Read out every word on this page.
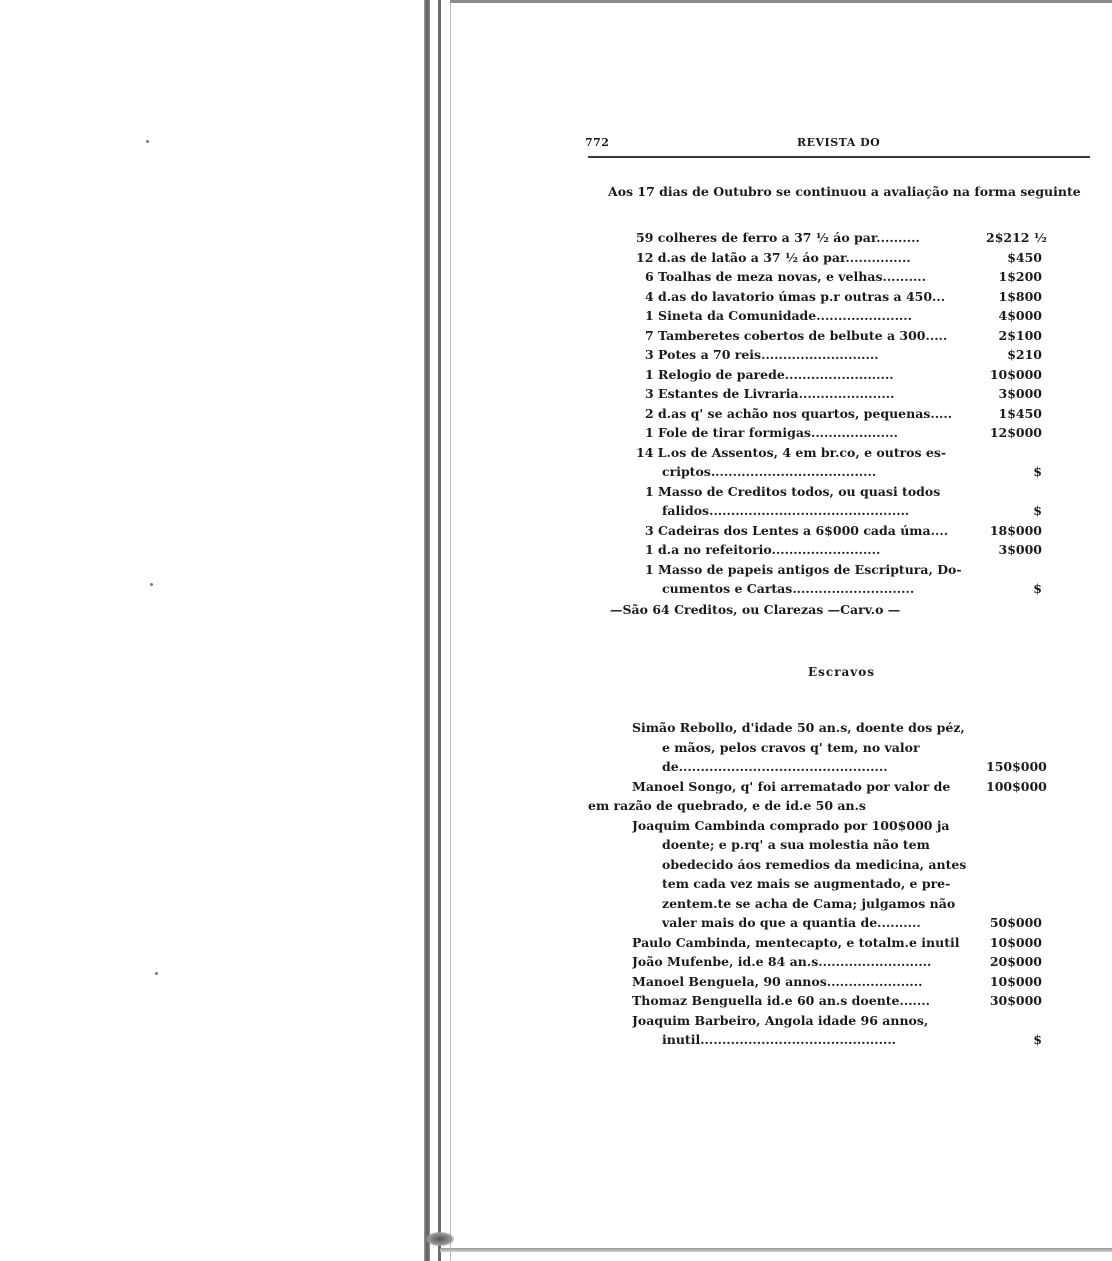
772	REVISTA DO
Aos 17 dias de Outubro se continuou a avaliação na forma seguinte
59 colheres de ferro a 37 ½ áo par..........	2$212 ½
12 d.as de latão a 37 ½ áo par...............	$450
6 Toalhas de meza novas, e velhas..........	1$200
4 d.as do lavatorio úmas p.r outras a 450...	1$800
1 Sineta da Comunidade......................	4$000
7 Tamberetes cobertos de belbute a 300.....	2$100
3 Potes a 70 reis...........................	$210
1 Relogio de parede.........................	10$000
3 Estantes de Livraria......................	3$000
2 d.as q' se achão nos quartos, pequenas.....	1$450
1 Fole de tirar formigas....................	12$000
14 L.os de Assentos, 4 em br.co, e outros es-
criptos......................................	$
1 Masso de Creditos todos, ou quasi todos
falidos..............................................	$
3 Cadeiras dos Lentes a 6$000 cada úma....	18$000
1 d.a no refeitorio.........................	3$000
1 Masso de papeis antigos de Escriptura, Do-
cumentos e Cartas............................	$
—São 64 Creditos, ou Clarezas —Carv.o —
Escravos
Simão Rebollo, d'idade 50 an.s, doente dos péz,
e mãos, pelos cravos q' tem, no valor
de................................................	150$000
Manoel Songo, q' foi arrematado por valor de	100$000
em razão de quebrado, e de id.e 50 an.s
Joaquim Cambinda comprado por 100$000 ja
doente; e p.rq' a sua molestia não tem
obedecido áos remedios da medicina, antes
tem cada vez mais se augmentado, e pre-
zentem.te se acha de Cama; julgamos não
valer mais do que a quantia de..........	50$000
Paulo Cambinda, mentecapto, e totalm.e inutil	10$000
João Mufenbe, id.e 84 an.s..........................	20$000
Manoel Benguela, 90 annos......................	10$000
Thomaz Benguella id.e 60 an.s doente.......	30$000
Joaquim Barbeiro, Angola idade 96 annos,
inutil.............................................	$
